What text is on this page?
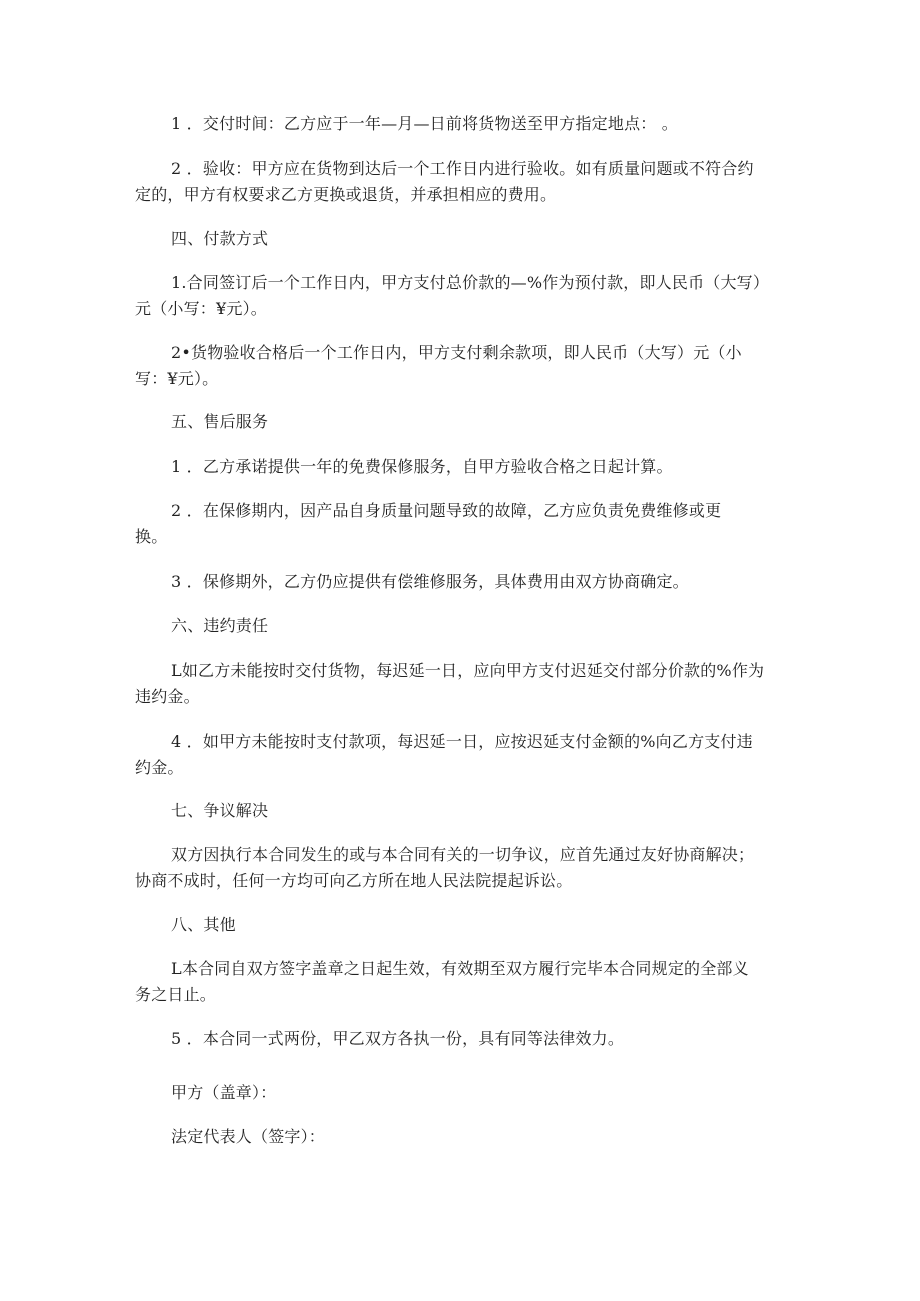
1 ．交付时间：乙方应于一年—月—日前将货物送至甲方指定地点： 。
2 ．验收：甲方应在货物到达后一个工作日内进行验收。如有质量问题或不符合约
定的，甲方有权要求乙方更换或退货，并承担相应的费用。
四、付款方式
1.合同签订后一个工作日内，甲方支付总价款的—%作为预付款，即人民币（大写）
元（小写：¥元）。
2•货物验收合格后一个工作日内，甲方支付剩余款项，即人民币（大写）元（小
写：¥元）。
五、售后服务
1 ．乙方承诺提供一年的免费保修服务，自甲方验收合格之日起计算。
2 ．在保修期内，因产品自身质量问题导致的故障，乙方应负责免费维修或更
换。
3 ．保修期外，乙方仍应提供有偿维修服务，具体费用由双方协商确定。
六、违约责任
L如乙方未能按时交付货物，每迟延一日，应向甲方支付迟延交付部分价款的%作为
违约金。
4 ．如甲方未能按时支付款项，每迟延一日，应按迟延支付金额的%向乙方支付违
约金。
七、争议解决
双方因执行本合同发生的或与本合同有关的一切争议，应首先通过友好协商解决；
协商不成时，任何一方均可向乙方所在地人民法院提起诉讼。
八、其他
L本合同自双方签字盖章之日起生效，有效期至双方履行完毕本合同规定的全部义
务之日止。
5 ．本合同一式两份，甲乙双方各执一份，具有同等法律效力。
甲方（盖章）：
法定代表人（签字）：
